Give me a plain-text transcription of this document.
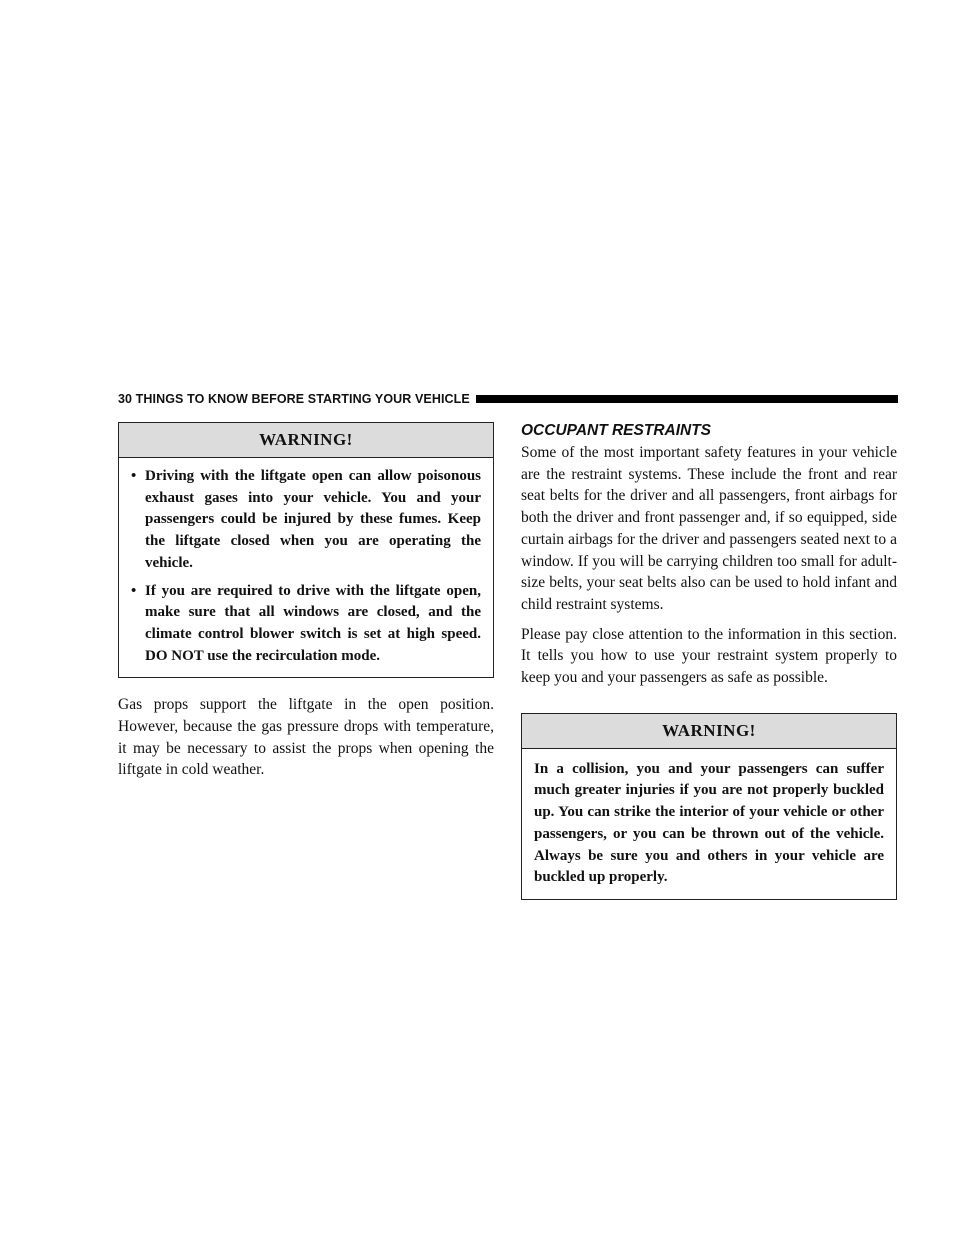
30 THINGS TO KNOW BEFORE STARTING YOUR VEHICLE
WARNING!
• Driving with the liftgate open can allow poisonous exhaust gases into your vehicle. You and your passengers could be injured by these fumes. Keep the liftgate closed when you are operating the vehicle.
• If you are required to drive with the liftgate open, make sure that all windows are closed, and the climate control blower switch is set at high speed. DO NOT use the recirculation mode.

Gas props support the liftgate in the open position. However, because the gas pressure drops with temperature, it may be necessary to assist the props when opening the liftgate in cold weather.

OCCUPANT RESTRAINTS

Some of the most important safety features in your vehicle are the restraint systems. These include the front and rear seat belts for the driver and all passengers, front airbags for both the driver and front passenger and, if so equipped, side curtain airbags for the driver and passengers seated next to a window. If you will be carrying children too small for adult-size belts, your seat belts also can be used to hold infant and child restraint systems.

Please pay close attention to the information in this section. It tells you how to use your restraint system properly to keep you and your passengers as safe as possible.

WARNING!
In a collision, you and your passengers can suffer much greater injuries if you are not properly buckled up. You can strike the interior of your vehicle or other passengers, or you can be thrown out of the vehicle. Always be sure you and others in your vehicle are buckled up properly.
